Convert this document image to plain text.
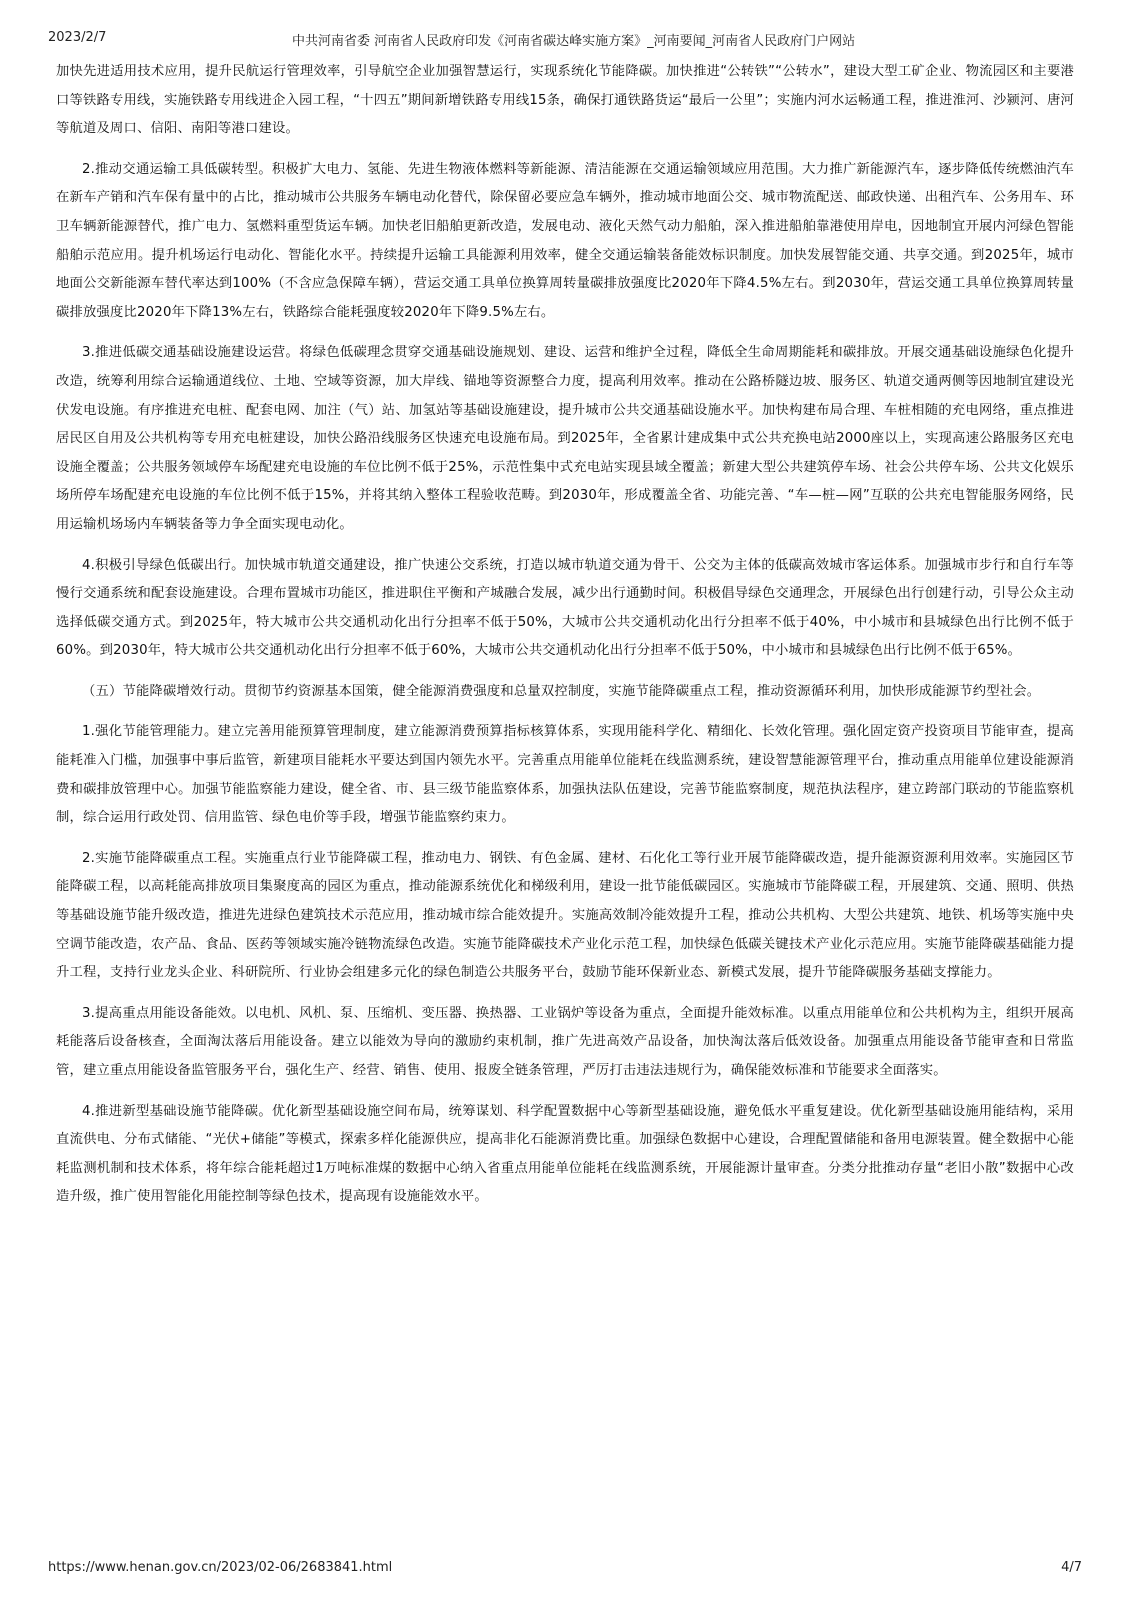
2023/2/7	中共河南省委 河南省人民政府印发《河南省碳达峰实施方案》_河南要闻_河南省人民政府门户网站

加快先进适用技术应用，提升民航运行管理效率，引导航空企业加强智慧运行，实现系统化节能降碳。加快推进“公转铁”“公转水”，建设大型工矿企业、物流园区和主要港口等铁路专用线，实施铁路专用线进企入园工程，“十四五”期间新增铁路专用线15条，确保打通铁路货运“最后一公里”；实施内河水运畅通工程，推进淮河、沙颍河、唐河等航道及周口、信阳、南阳等港口建设。

2.推动交通运输工具低碳转型。积极扩大电力、氢能、先进生物液体燃料等新能源、清洁能源在交通运输领域应用范围。大力推广新能源汽车，逐步降低传统燃油汽车在新车产销和汽车保有量中的占比，推动城市公共服务车辆电动化替代，除保留必要应急车辆外，推动城市地面公交、城市物流配送、邮政快递、出租汽车、公务用车、环卫车辆新能源替代，推广电力、氢燃料重型货运车辆。加快老旧船舶更新改造，发展电动、液化天然气动力船舶，深入推进船舶靠港使用岸电，因地制宜开展内河绿色智能船舶示范应用。提升机场运行电动化、智能化水平。持续提升运输工具能源利用效率，健全交通运输装备能效标识制度。加快发展智能交通、共享交通。到2025年，城市地面公交新能源车替代率达到100%（不含应急保障车辆），营运交通工具单位换算周转量碳排放强度比2020年下降4.5%左右。到2030年，营运交通工具单位换算周转量碳排放强度比2020年下降13%左右，铁路综合能耗强度较2020年下降9.5%左右。

3.推进低碳交通基础设施建设运营。将绿色低碳理念贯穿交通基础设施规划、建设、运营和维护全过程，降低全生命周期能耗和碳排放。开展交通基础设施绿色化提升改造，统筹利用综合运输通道线位、土地、空域等资源，加大岸线、锚地等资源整合力度，提高利用效率。推动在公路桥隧边坡、服务区、轨道交通两侧等因地制宜建设光伏发电设施。有序推进充电桩、配套电网、加注（气）站、加氢站等基础设施建设，提升城市公共交通基础设施水平。加快构建布局合理、车桩相随的充电网络，重点推进居民区自用及公共机构等专用充电桩建设，加快公路沿线服务区快速充电设施布局。到2025年，全省累计建成集中式公共充换电站2000座以上，实现高速公路服务区充电设施全覆盖；公共服务领域停车场配建充电设施的车位比例不低于25%，示范性集中式充电站实现县域全覆盖；新建大型公共建筑停车场、社会公共停车场、公共文化娱乐场所停车场配建充电设施的车位比例不低于15%，并将其纳入整体工程验收范畴。到2030年，形成覆盖全省、功能完善、“车—桩—网”互联的公共充电智能服务网络，民用运输机场场内车辆装备等力争全面实现电动化。

4.积极引导绿色低碳出行。加快城市轨道交通建设，推广快速公交系统，打造以城市轨道交通为骨干、公交为主体的低碳高效城市客运体系。加强城市步行和自行车等慢行交通系统和配套设施建设。合理布置城市功能区，推进职住平衡和产城融合发展，减少出行通勤时间。积极倡导绿色交通理念，开展绿色出行创建行动，引导公众主动选择低碳交通方式。到2025年，特大城市公共交通机动化出行分担率不低于50%，大城市公共交通机动化出行分担率不低于40%，中小城市和县城绿色出行比例不低于60%。到2030年，特大城市公共交通机动化出行分担率不低于60%，大城市公共交通机动化出行分担率不低于50%，中小城市和县城绿色出行比例不低于65%。

（五）节能降碳增效行动。贯彻节约资源基本国策，健全能源消费强度和总量双控制度，实施节能降碳重点工程，推动资源循环利用，加快形成能源节约型社会。

1.强化节能管理能力。建立完善用能预算管理制度，建立能源消费预算指标核算体系，实现用能科学化、精细化、长效化管理。强化固定资产投资项目节能审查，提高能耗准入门槛，加强事中事后监管，新建项目能耗水平要达到国内领先水平。完善重点用能单位能耗在线监测系统，建设智慧能源管理平台，推动重点用能单位建设能源消费和碳排放管理中心。加强节能监察能力建设，健全省、市、县三级节能监察体系，加强执法队伍建设，完善节能监察制度，规范执法程序，建立跨部门联动的节能监察机制，综合运用行政处罚、信用监管、绿色电价等手段，增强节能监察约束力。

2.实施节能降碳重点工程。实施重点行业节能降碳工程，推动电力、钢铁、有色金属、建材、石化化工等行业开展节能降碳改造，提升能源资源利用效率。实施园区节能降碳工程，以高耗能高排放项目集聚度高的园区为重点，推动能源系统优化和梯级利用，建设一批节能低碳园区。实施城市节能降碳工程，开展建筑、交通、照明、供热等基础设施节能升级改造，推进先进绿色建筑技术示范应用，推动城市综合能效提升。实施高效制冷能效提升工程，推动公共机构、大型公共建筑、地铁、机场等实施中央空调节能改造，农产品、食品、医药等领域实施冷链物流绿色改造。实施节能降碳技术产业化示范工程，加快绿色低碳关键技术产业化示范应用。实施节能降碳基础能力提升工程，支持行业龙头企业、科研院所、行业协会组建多元化的绿色制造公共服务平台，鼓励节能环保新业态、新模式发展，提升节能降碳服务基础支撑能力。

3.提高重点用能设备能效。以电机、风机、泵、压缩机、变压器、换热器、工业锅炉等设备为重点，全面提升能效标准。以重点用能单位和公共机构为主，组织开展高耗能落后设备核查，全面淘汰落后用能设备。建立以能效为导向的激励约束机制，推广先进高效产品设备，加快淘汰落后低效设备。加强重点用能设备节能审查和日常监管，建立重点用能设备监管服务平台，强化生产、经营、销售、使用、报废全链条管理，严厉打击违法违规行为，确保能效标准和节能要求全面落实。

4.推进新型基础设施节能降碳。优化新型基础设施空间布局，统筹谋划、科学配置数据中心等新型基础设施，避免低水平重复建设。优化新型基础设施用能结构，采用直流供电、分布式储能、“光伏+储能”等模式，探索多样化能源供应，提高非化石能源消费比重。加强绿色数据中心建设，合理配置储能和备用电源装置。健全数据中心能耗监测机制和技术体系，将年综合能耗超过1万吨标准煤的数据中心纳入省重点用能单位能耗在线监测系统，开展能源计量审查。分类分批推动存量“老旧小散”数据中心改造升级，推广使用智能化用能控制等绿色技术，提高现有设施能效水平。

https://www.henan.gov.cn/2023/02-06/2683841.html	4/7
